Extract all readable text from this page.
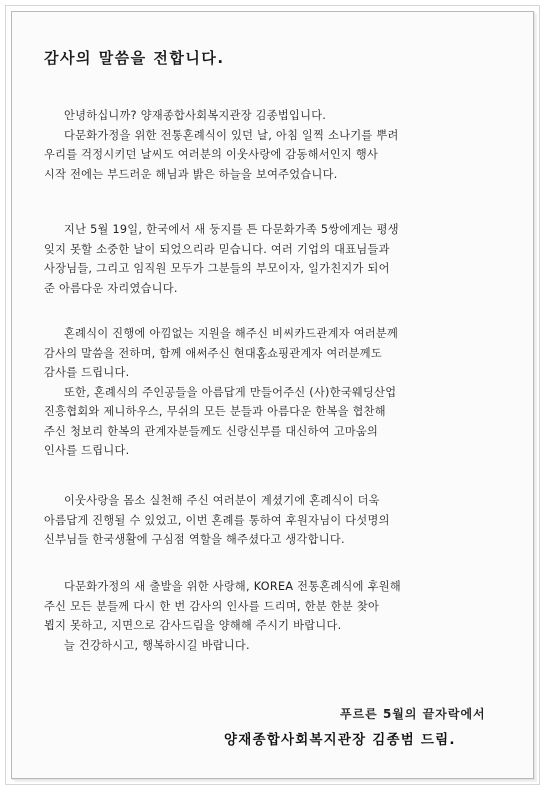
감사의 말씀을 전합니다.
안녕하십니까? 양재종합사회복지관장 김종법입니다.
다문화가정을 위한 전통혼례식이 있던 날, 아침 일찍 소나기를 뿌려
우리를 걱정시키던 날씨도 여러분의 이웃사랑에 감동해서인지 행사
시작 전에는 부드러운 해님과 밝은 하늘을 보여주었습니다.
지난 5월 19일, 한국에서 새 둥지를 튼 다문화가족 5쌍에게는 평생
잊지 못할 소중한 날이 되었으리라 믿습니다. 여러 기업의 대표님들과
사장님들, 그리고 임직원 모두가 그분들의 부모이자, 일가친지가 되어
준 아름다운 자리였습니다.
혼례식이 진행에 아낌없는 지원을 해주신 비씨카드관계자 여러분께
감사의 말씀을 전하며, 함께 애써주신 현대홈쇼핑관계자 여러분께도
감사를 드립니다.
또한, 혼례식의 주인공들을 아름답게 만들어주신 (사)한국웨딩산업
진흥협회와 제니하우스, 무쉬의 모든 분들과 아름다운 한복을 협찬해
주신 청보리 한복의 관계자분들께도 신랑신부를 대신하여 고마움의
인사를 드립니다.
이웃사랑을 몸소 실천해 주신 여러분이 계셨기에 혼례식이 더욱
아름답게 진행될 수 있었고, 이번 혼례를 통하여 후원자님이 다섯명의
신부님들 한국생활에 구심점 역할을 해주셨다고 생각합니다.
다문화가정의 새 출발을 위한 사랑해, KOREA 전통혼례식에 후원해
주신 모든 분들께 다시 한 번 감사의 인사를 드리며, 한분 한분 찾아
뵙지 못하고, 지면으로 감사드림을 양해해 주시기 바랍니다.
늘 건강하시고, 행복하시길 바랍니다.
푸르른 5월의 끝자락에서
양재종합사회복지관장 김종범 드림.
